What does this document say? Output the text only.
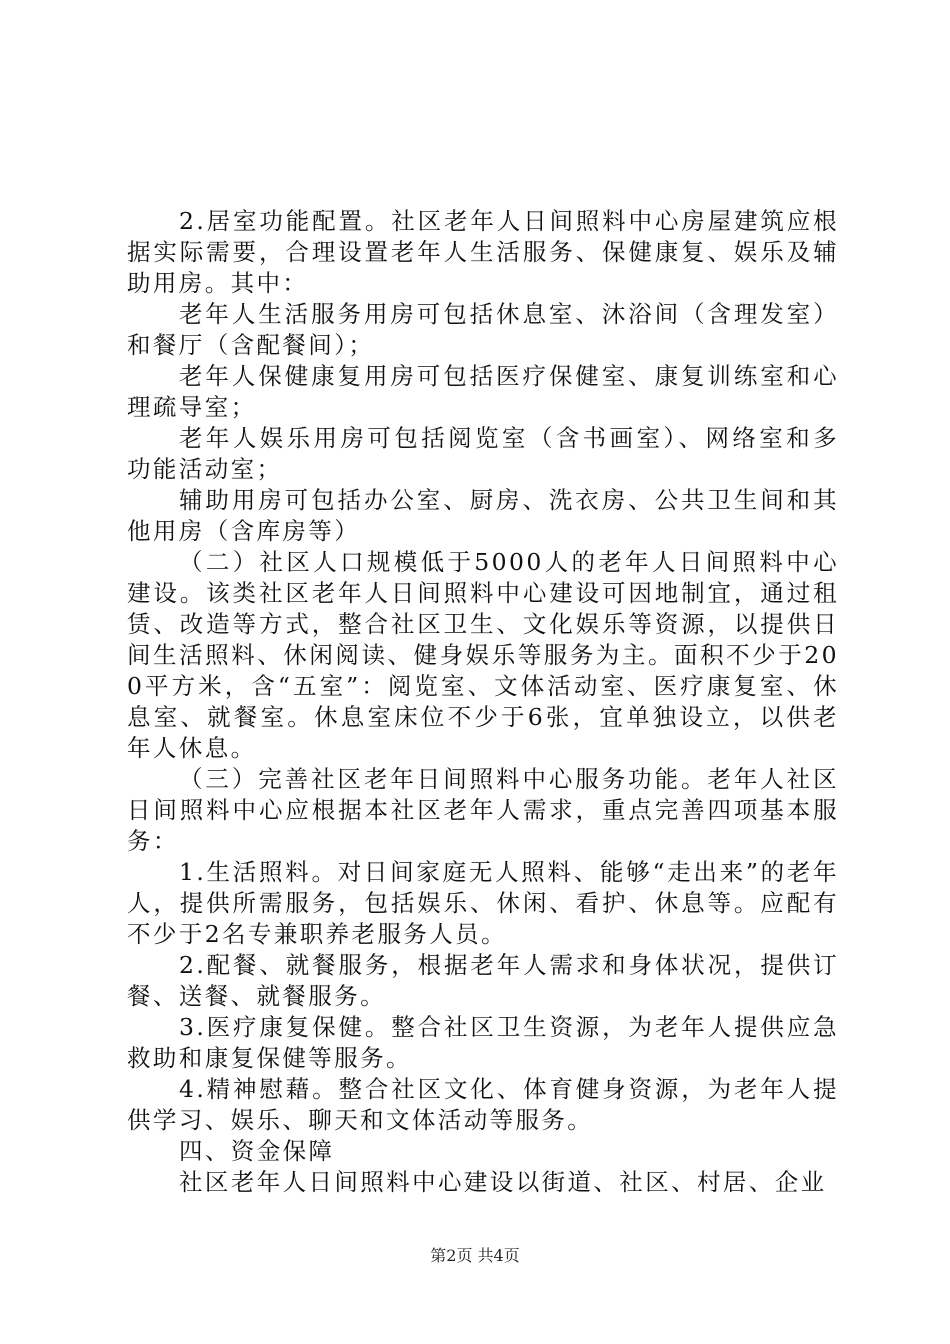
2.居室功能配置。社区老年人日间照料中心房屋建筑应根据实际需要，合理设置老年人生活服务、保健康复、娱乐及辅助用房。其中：

老年人生活服务用房可包括休息室、沐浴间（含理发室）和餐厅（含配餐间）；

老年人保健康复用房可包括医疗保健室、康复训练室和心理疏导室；

老年人娱乐用房可包括阅览室（含书画室）、网络室和多功能活动室；

辅助用房可包括办公室、厨房、洗衣房、公共卫生间和其他用房（含库房等）

（二）社区人口规模低于5000人的老年人日间照料中心建设。该类社区老年人日间照料中心建设可因地制宜，通过租赁、改造等方式，整合社区卫生、文化娱乐等资源，以提供日间生活照料、休闲阅读、健身娱乐等服务为主。面积不少于200平方米，含“五室”：阅览室、文体活动室、医疗康复室、休息室、就餐室。休息室床位不少于6张，宜单独设立，以供老年人休息。

（三）完善社区老年日间照料中心服务功能。老年人社区日间照料中心应根据本社区老年人需求，重点完善四项基本服务：

1.生活照料。对日间家庭无人照料、能够“走出来”的老年人，提供所需服务，包括娱乐、休闲、看护、休息等。应配有不少于2名专兼职养老服务人员。

2.配餐、就餐服务，根据老年人需求和身体状况，提供订餐、送餐、就餐服务。

3.医疗康复保健。整合社区卫生资源，为老年人提供应急救助和康复保健等服务。

4.精神慰藉。整合社区文化、体育健身资源，为老年人提供学习、娱乐、聊天和文体活动等服务。

四、资金保障

社区老年人日间照料中心建设以街道、社区、村居、企业

第2页 共4页
